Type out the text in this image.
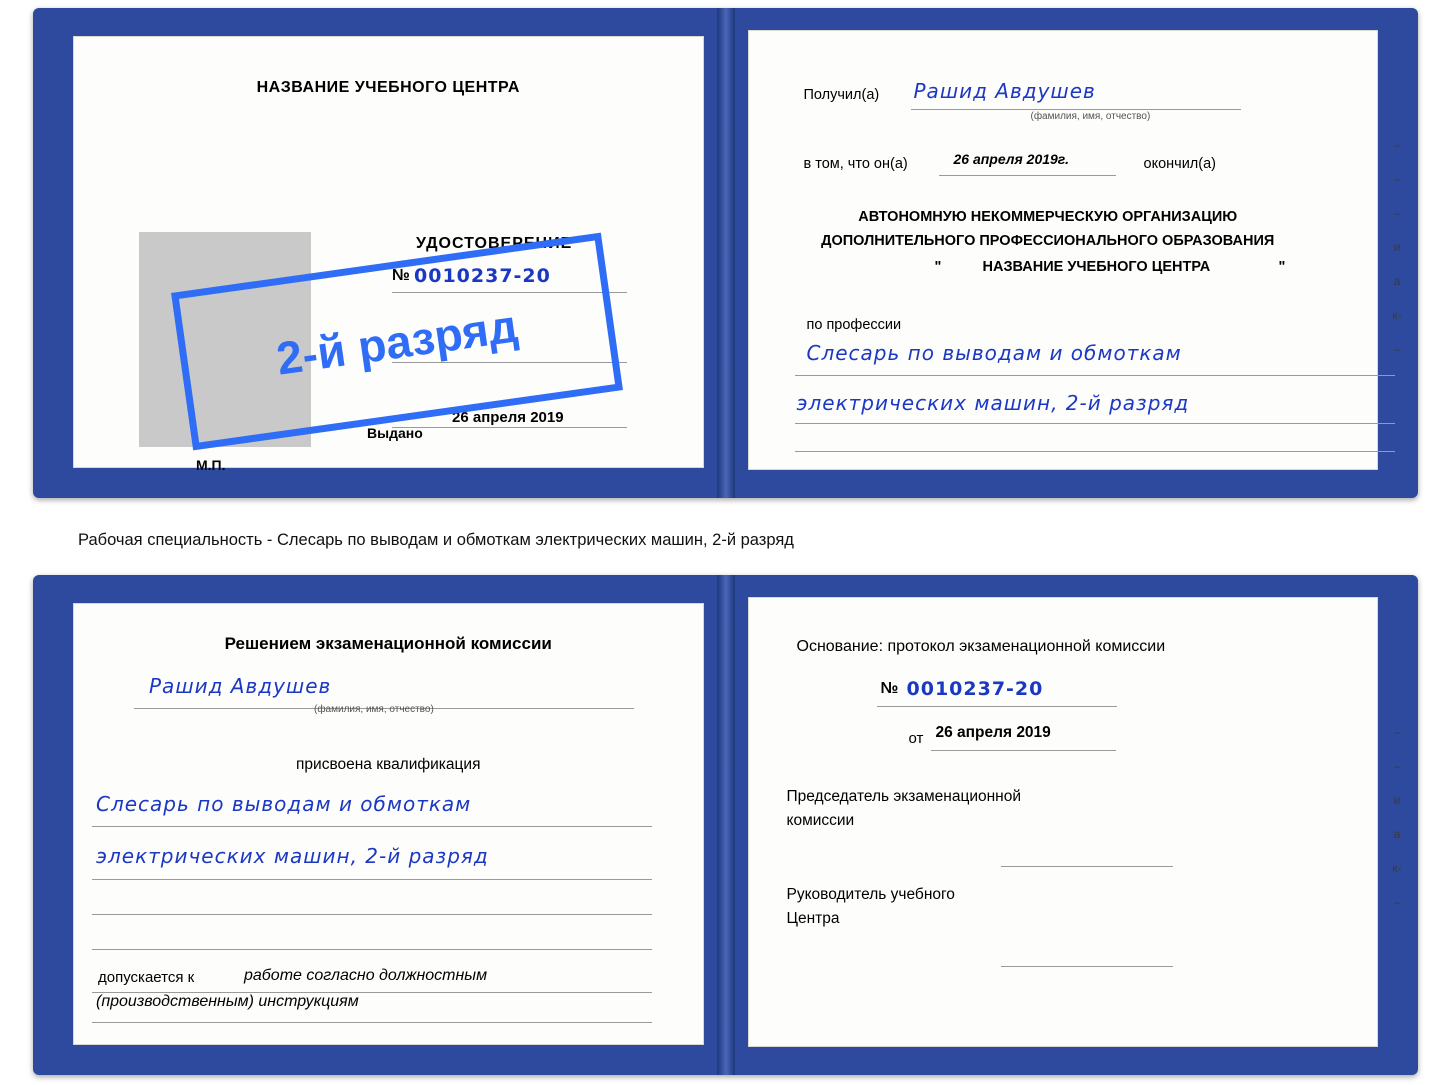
НАЗВАНИЕ УЧЕБНОГО ЦЕНТРА
УДОСТОВЕРЕНИЕ
№ 0010237-20
Выдано
26 апреля 2019
М.П.
Получил(а) Рашид Авдушев
(фамилия, имя, отчество)
в том, что он(а)	26 апреля 2019г.	окончил(а)
АВТОНОМНУЮ НЕКОММЕРЧЕСКУЮ ОРГАНИЗАЦИЮ
ДОПОЛНИТЕЛЬНОГО ПРОФЕССИОНАЛЬНОГО ОБРАЗОВАНИЯ
"	НАЗВАНИЕ УЧЕБНОГО ЦЕНТРА	"
по профессии
Слесарь по выводам и обмоткам
электрических машин, 2-й разряд
–
–
–
и
а
к-
–
2-й разряд
Рабочая специальность - Слесарь по выводам и обмоткам электрических машин, 2-й разряд
Решением экзаменационной комиссии
Рашид Авдушев
(фамилия, имя, отчество)
присвоена квалификация
Слесарь по выводам и обмоткам
электрических машин, 2-й разряд
допускается к	работе согласно должностным
(производственным) инструкциям
Основание: протокол экзаменационной комиссии
№ 0010237-20
от 26 апреля 2019
Председатель экзаменационной
комиссии
Руководитель учебного
Центра
–
–
и
а
к-
–
